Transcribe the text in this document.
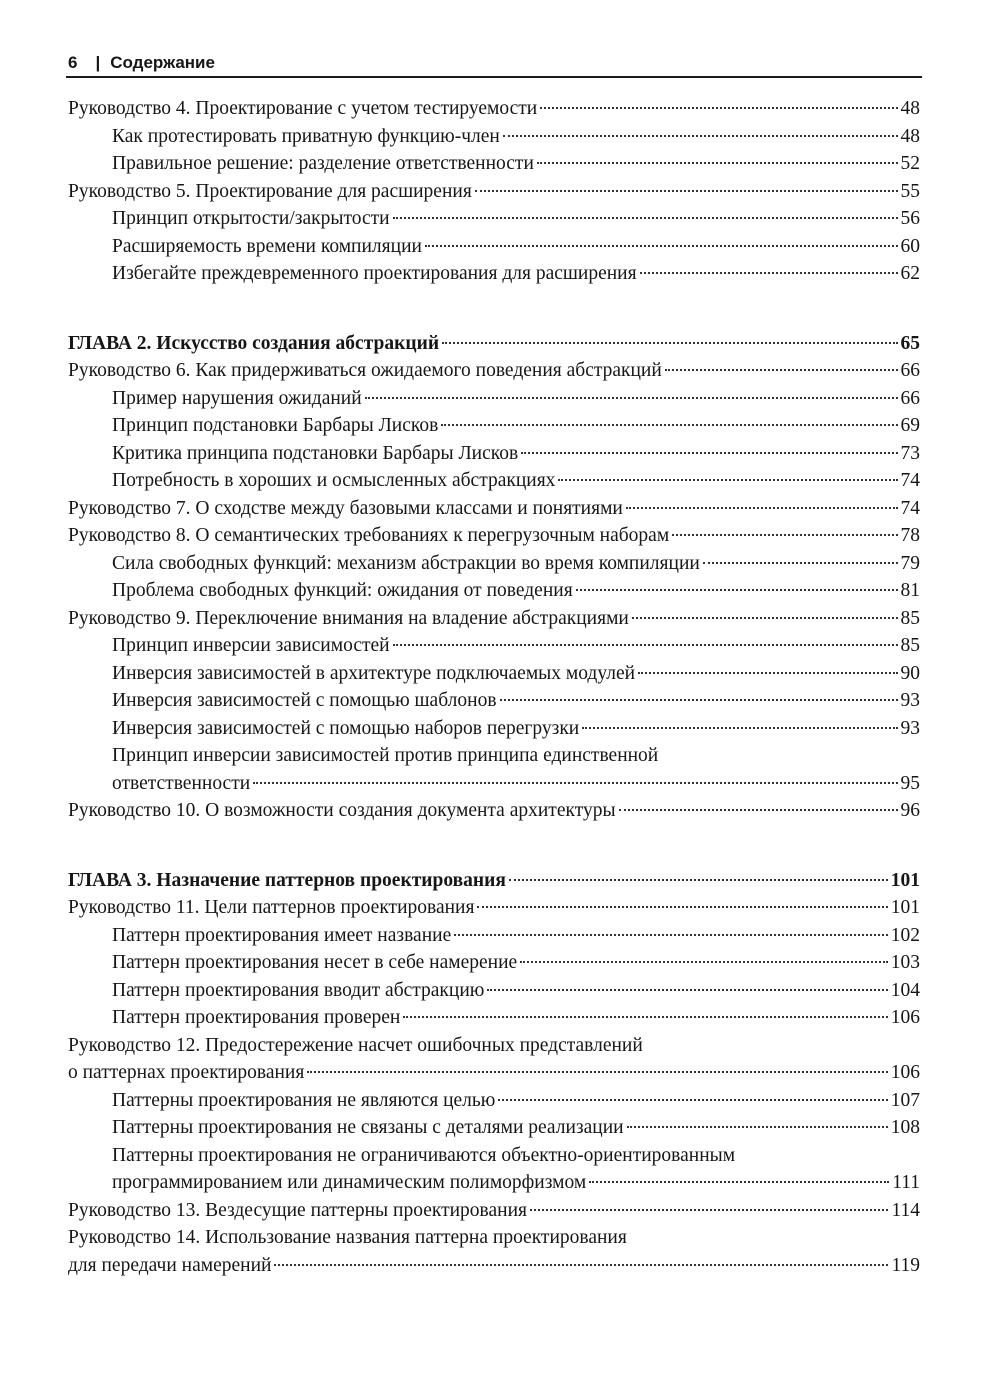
6 | Содержание
Руководство 4. Проектирование с учетом тестируемости	48
Как протестировать приватную функцию-член	48
Правильное решение: разделение ответственности	52
Руководство 5. Проектирование для расширения	55
Принцип открытости/закрытости	56
Расширяемость времени компиляции	60
Избегайте преждевременного проектирования для расширения	62
ГЛАВА 2. Искусство создания абстракций	65
Руководство 6. Как придерживаться ожидаемого поведения абстракций	66
Пример нарушения ожиданий	66
Принцип подстановки Барбары Лисков	69
Критика принципа подстановки Барбары Лисков	73
Потребность в хороших и осмысленных абстракциях	74
Руководство 7. О сходстве между базовыми классами и понятиями	74
Руководство 8. О семантических требованиях к перегрузочным наборам	78
Сила свободных функций: механизм абстракции во время компиляции	79
Проблема свободных функций: ожидания от поведения	81
Руководство 9. Переключение внимания на владение абстракциями	85
Принцип инверсии зависимостей	85
Инверсия зависимостей в архитектуре подключаемых модулей	90
Инверсия зависимостей с помощью шаблонов	93
Инверсия зависимостей с помощью наборов перегрузки	93
Принцип инверсии зависимостей против принципа единственной
ответственности	95
Руководство 10. О возможности создания документа архитектуры	96
ГЛАВА 3. Назначение паттернов проектирования	101
Руководство 11. Цели паттернов проектирования	101
Паттерн проектирования имеет название	102
Паттерн проектирования несет в себе намерение	103
Паттерн проектирования вводит абстракцию	104
Паттерн проектирования проверен	106
Руководство 12. Предостережение насчет ошибочных представлений
о паттернах проектирования	106
Паттерны проектирования не являются целью	107
Паттерны проектирования не связаны с деталями реализации	108
Паттерны проектирования не ограничиваются объектно-ориентированным
программированием или динамическим полиморфизмом	111
Руководство 13. Вездесущие паттерны проектирования	114
Руководство 14. Использование названия паттерна проектирования
для передачи намерений	119
